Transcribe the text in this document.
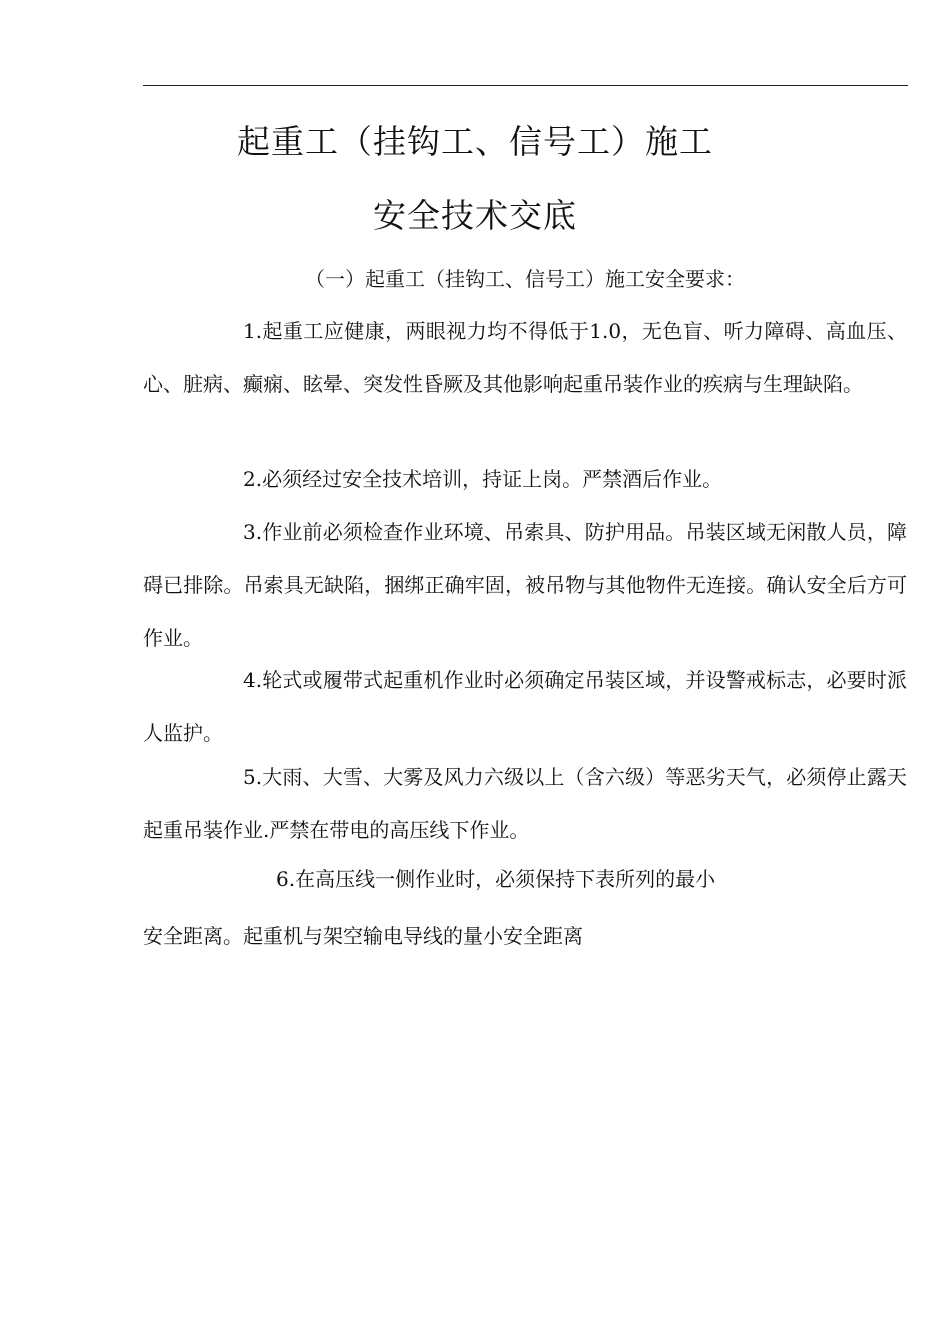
起重工（挂钩工、信号工）施工
安全技术交底
（一）起重工（挂钩工、信号工）施工安全要求：
1.起重工应健康，两眼视力均不得低于1.0，无色盲、听力障碍、高血压、心、脏病、癫痫、眩晕、突发性昏厥及其他影响起重吊装作业的疾病与生理缺陷。
2.必须经过安全技术培训，持证上岗。严禁酒后作业。
3.作业前必须检查作业环境、吊索具、防护用品。吊装区域无闲散人员，障碍已排除。吊索具无缺陷，捆绑正确牢固，被吊物与其他物件无连接。确认安全后方可作业。
4.轮式或履带式起重机作业时必须确定吊装区域，并设警戒标志，必要时派人监护。
5.大雨、大雪、大雾及风力六级以上（含六级）等恶劣天气，必须停止露天起重吊装作业.严禁在带电的高压线下作业。
6.在高压线一侧作业时，必须保持下表所列的最小
安全距离。起重机与架空输电导线的量小安全距离
